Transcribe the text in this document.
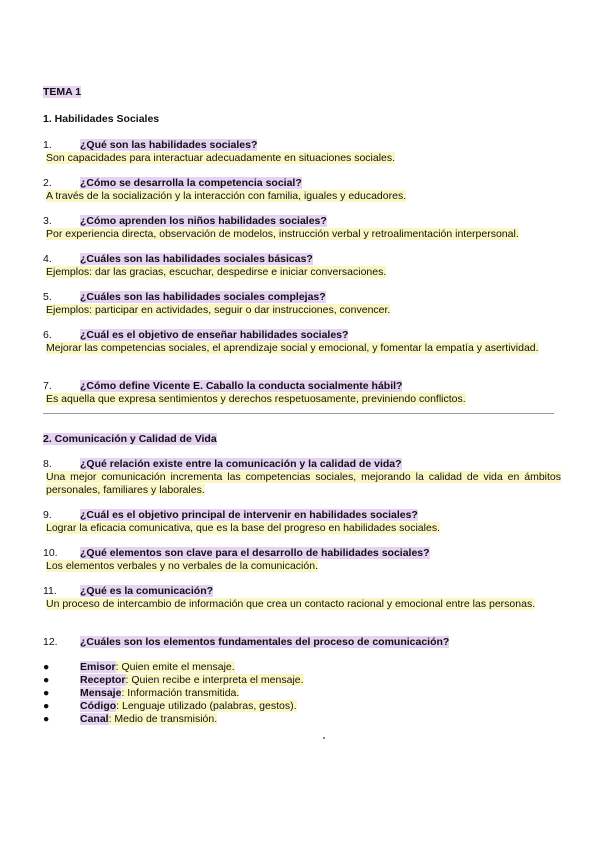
TEMA 1
1. Habilidades Sociales
1.	¿Qué son las habilidades sociales?
Son capacidades para interactuar adecuadamente en situaciones sociales.
2.	¿Cómo se desarrolla la competencia social?
A través de la socialización y la interacción con familia, iguales y educadores.
3.	¿Cómo aprenden los niños habilidades sociales?
Por experiencia directa, observación de modelos, instrucción verbal y retroalimentación interpersonal.
4.	¿Cuáles son las habilidades sociales básicas?
Ejemplos: dar las gracias, escuchar, despedirse e iniciar conversaciones.
5.	¿Cuáles son las habilidades sociales complejas?
Ejemplos: participar en actividades, seguir o dar instrucciones, convencer.
6.	¿Cuál es el objetivo de enseñar habilidades sociales?
Mejorar las competencias sociales, el aprendizaje social y emocional, y fomentar la empatía y asertividad.
7.	¿Cómo define Vicente E. Caballo la conducta socialmente hábil?
Es aquella que expresa sentimientos y derechos respetuosamente, previniendo conflictos.
2. Comunicación y Calidad de Vida
8.	¿Qué relación existe entre la comunicación y la calidad de vida?
Una mejor comunicación incrementa las competencias sociales, mejorando la calidad de vida en ámbitos personales, familiares y laborales.
9.	¿Cuál es el objetivo principal de intervenir en habilidades sociales?
Lograr la eficacia comunicativa, que es la base del progreso en habilidades sociales.
10. ¿Qué elementos son clave para el desarrollo de habilidades sociales?
Los elementos verbales y no verbales de la comunicación.
11. ¿Qué es la comunicación?
Un proceso de intercambio de información que crea un contacto racional y emocional entre las personas.
12. ¿Cuáles son los elementos fundamentales del proceso de comunicación?
●	Emisor: Quien emite el mensaje.
●	Receptor: Quien recibe e interpreta el mensaje.
●	Mensaje: Información transmitida.
●	Código: Lenguaje utilizado (palabras, gestos).
●	Canal: Medio de transmisión.
